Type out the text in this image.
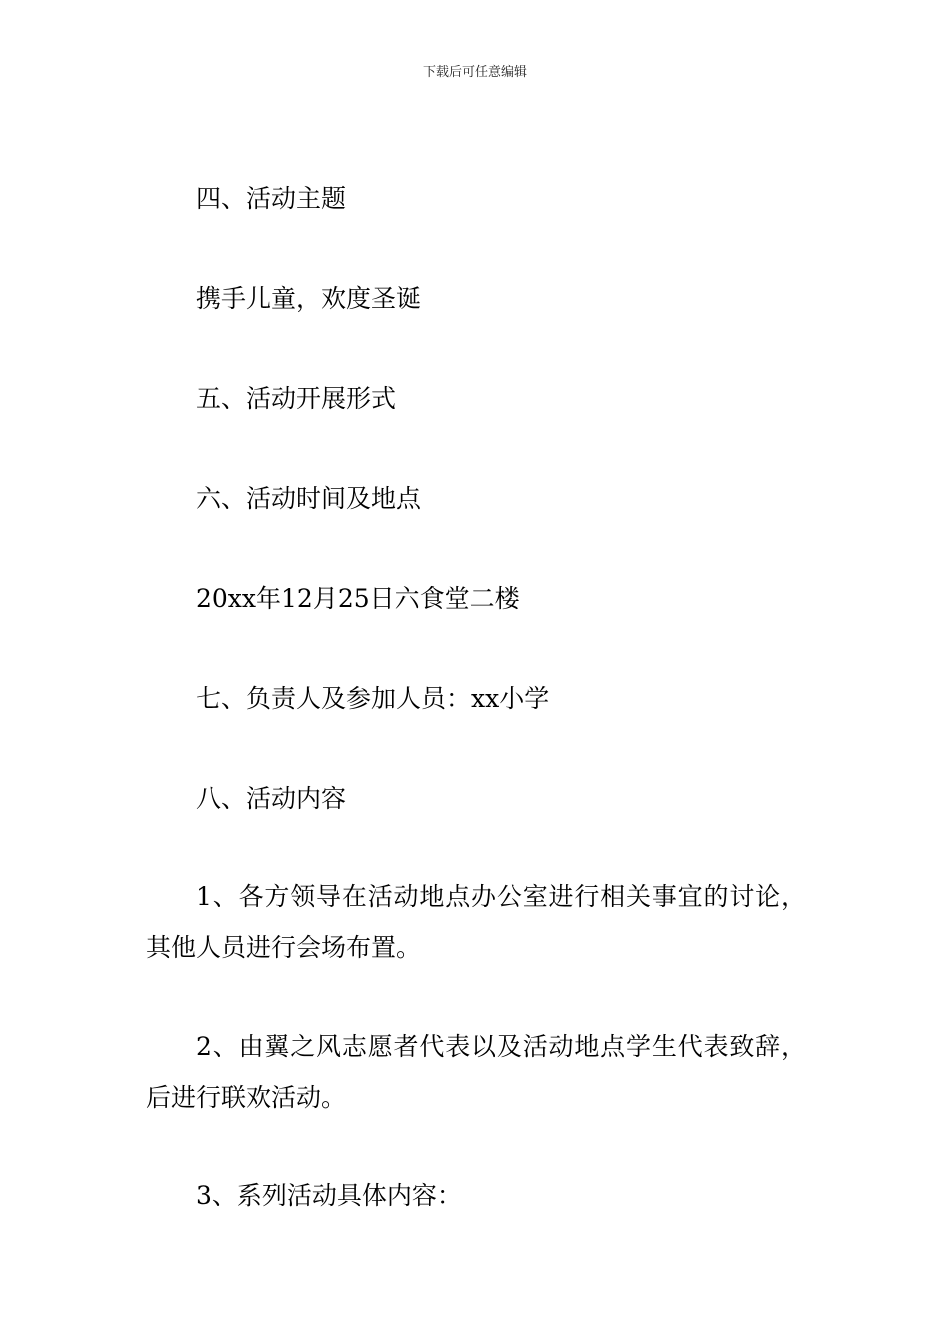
下载后可任意编辑
四、活动主题
携手儿童，欢度圣诞
五、活动开展形式
六、活动时间及地点
20xx年12月25日六食堂二楼
七、负责人及参加人员：xx小学
八、活动内容
1、各方领导在活动地点办公室进行相关事宜的讨论，其他人员进行会场布置。
2、由翼之风志愿者代表以及活动地点学生代表致辞，后进行联欢活动。
3、系列活动具体内容：
